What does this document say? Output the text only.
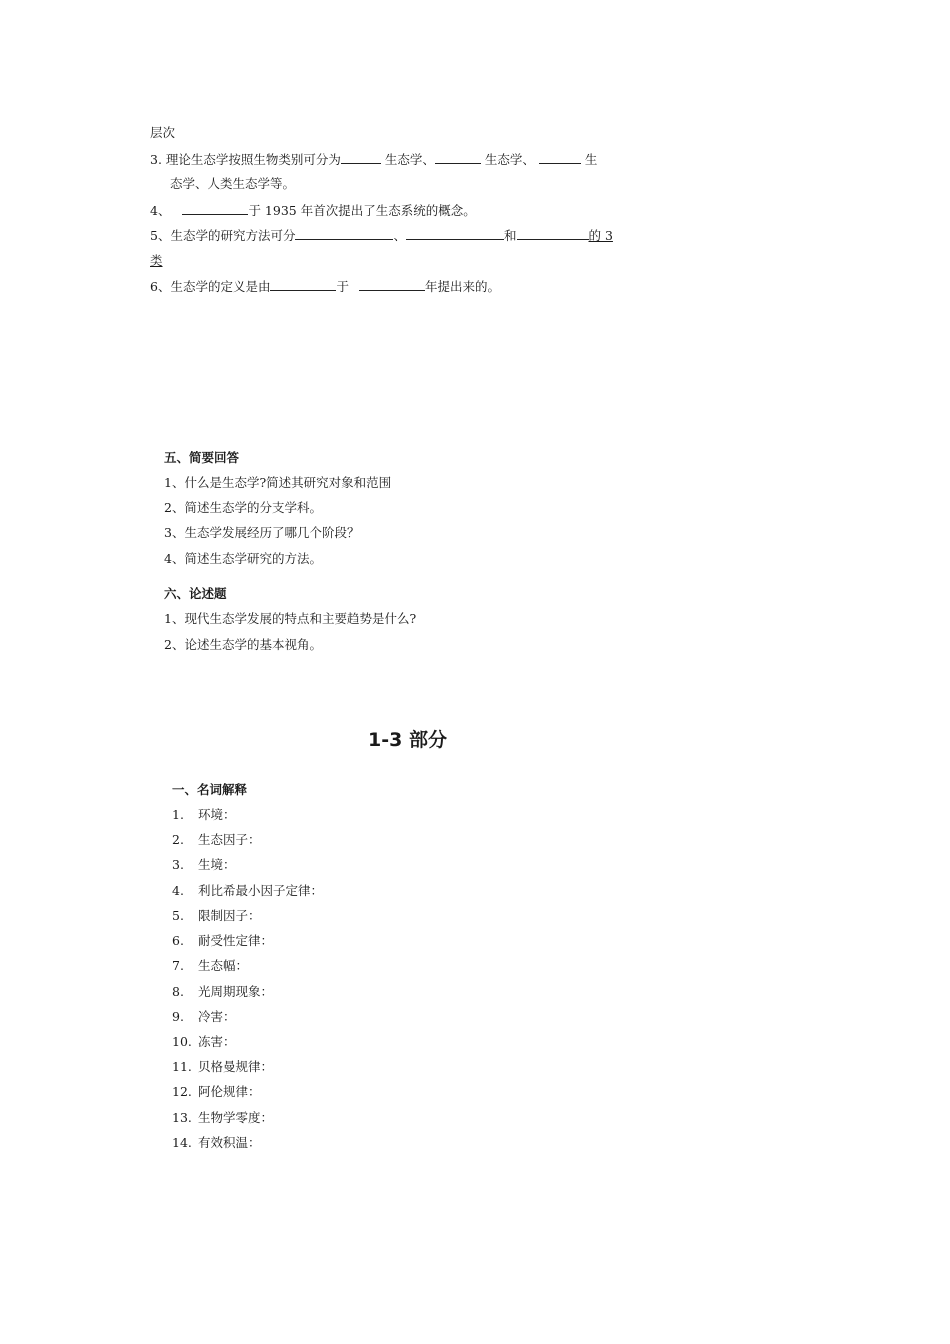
层次
3. 理论生态学按照生物类别可分为	生态学、	生态学、	生
态学、人类生态学等。
4、	于 1935 年首次提出了生态系统的概念。
5、生态学的研究方法可分	、	和	的 3
类
6、生态学的定义是由	于	年提出来的。
五、简要回答
1、什么是生态学?简述其研究对象和范围
2、简述生态学的分支学科。
3、生态学发展经历了哪几个阶段？
4、简述生态学研究的方法。
六、论述题
1、现代生态学发展的特点和主要趋势是什么?
2、论述生态学的基本视角。
1-3 部分
一、名词解释
1. 环境：
2. 生态因子：
3. 生境：
4. 利比希最小因子定律：
5. 限制因子：
6. 耐受性定律：
7. 生态幅：
8. 光周期现象：
9. 冷害：
10. 冻害：
11. 贝格曼规律：
12. 阿伦规律：
13. 生物学零度：
14. 有效积温：
